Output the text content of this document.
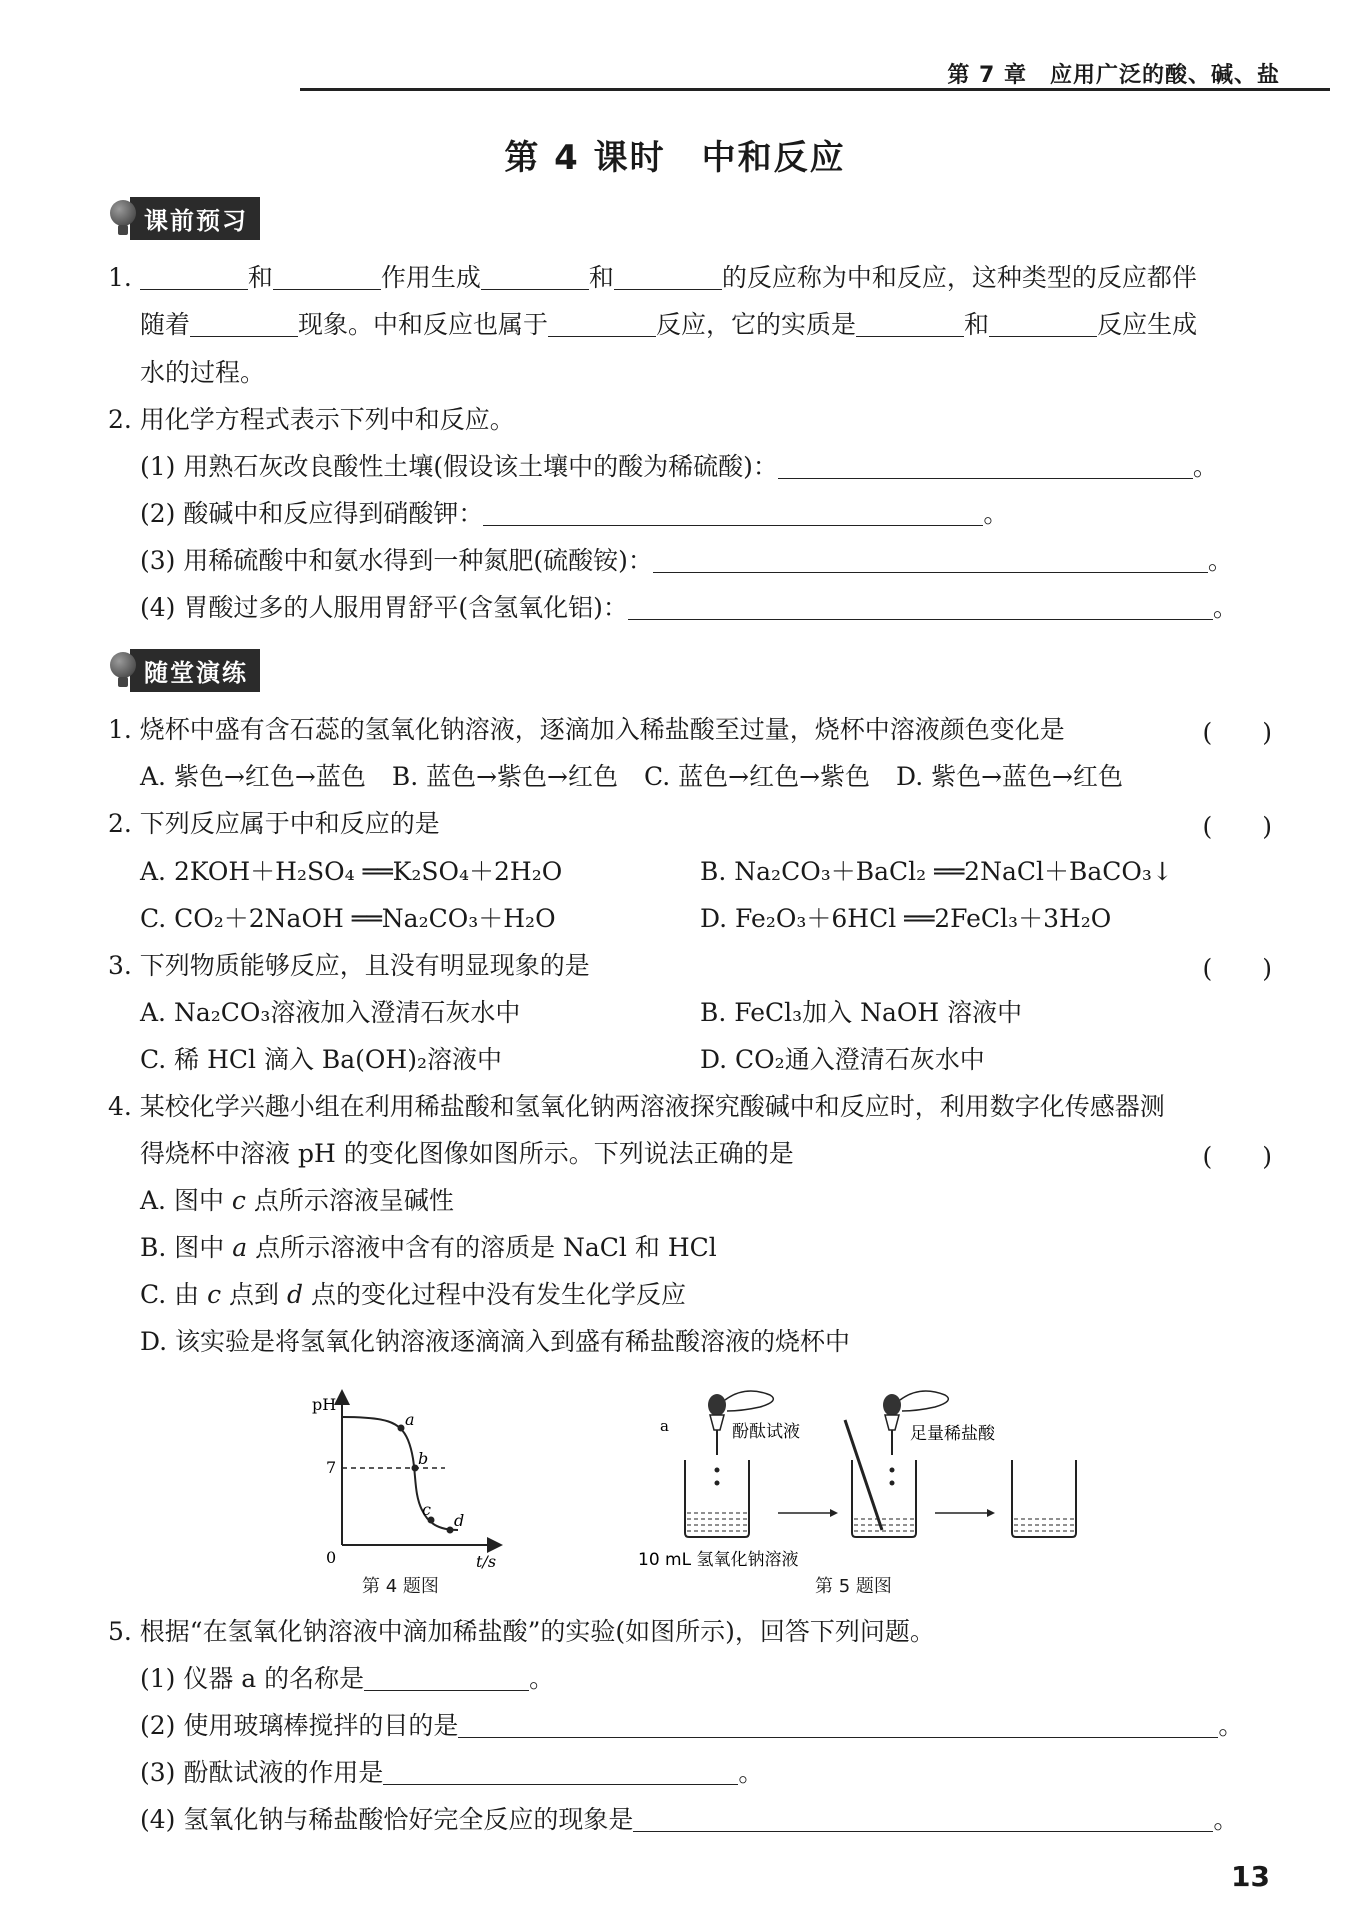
第 7 章　应用广泛的酸、碱、盐
第 4 课时　中和反应
课前预习
1.	和	作用生成	和	的反应称为中和反应，这种类型的反应都伴
随着	现象。中和反应也属于	反应，它的实质是	和	反应生成
水的过程。
2. 用化学方程式表示下列中和反应。
(1) 用熟石灰改良酸性土壤(假设该土壤中的酸为稀硫酸)：	。
(2) 酸碱中和反应得到硝酸钾：	。
(3) 用稀硫酸中和氨水得到一种氮肥(硫酸铵)：	。
(4) 胃酸过多的人服用胃舒平(含氢氧化铝)：	。
随堂演练
1. 烧杯中盛有含石蕊的氢氧化钠溶液，逐滴加入稀盐酸至过量，烧杯中溶液颜色变化是	(　　)
A. 紫色→红色→蓝色 B. 蓝色→紫色→红色 C. 蓝色→红色→紫色 D. 紫色→蓝色→红色
2. 下列反应属于中和反应的是	(　　)
A. 2KOH＋H₂SO₄ ══K₂SO₄＋2H₂O	B. Na₂CO₃＋BaCl₂ ══2NaCl＋BaCO₃↓
C. CO₂＋2NaOH ══Na₂CO₃＋H₂O	D. Fe₂O₃＋6HCl ══2FeCl₃＋3H₂O
3. 下列物质能够反应，且没有明显现象的是	(　　)
A. Na₂CO₃溶液加入澄清石灰水中	B. FeCl₃加入 NaOH 溶液中
C. 稀 HCl 滴入 Ba(OH)₂溶液中	D. CO₂通入澄清石灰水中
4. 某校化学兴趣小组在利用稀盐酸和氢氧化钠两溶液探究酸碱中和反应时，利用数字化传感器测
得烧杯中溶液 pH 的变化图像如图所示。下列说法正确的是	(　　)
A. 图中 c 点所示溶液呈碱性
B. 图中 a 点所示溶液中含有的溶质是 NaCl 和 HCl
C. 由 c 点到 d 点的变化过程中没有发生化学反应
D. 该实验是将氢氧化钠溶液逐滴滴入到盛有稀盐酸溶液的烧杯中
pH
7
0	t/s
a
b
c
d
第 4 题图
a	酚酞试液	足量稀盐酸
10 mL 氢氧化钠溶液
第 5 题图
5. 根据“在氢氧化钠溶液中滴加稀盐酸”的实验(如图所示)，回答下列问题。
(1) 仪器 a 的名称是	。
(2) 使用玻璃棒搅拌的目的是	。
(3) 酚酞试液的作用是	。
(4) 氢氧化钠与稀盐酸恰好完全反应的现象是	。
13
